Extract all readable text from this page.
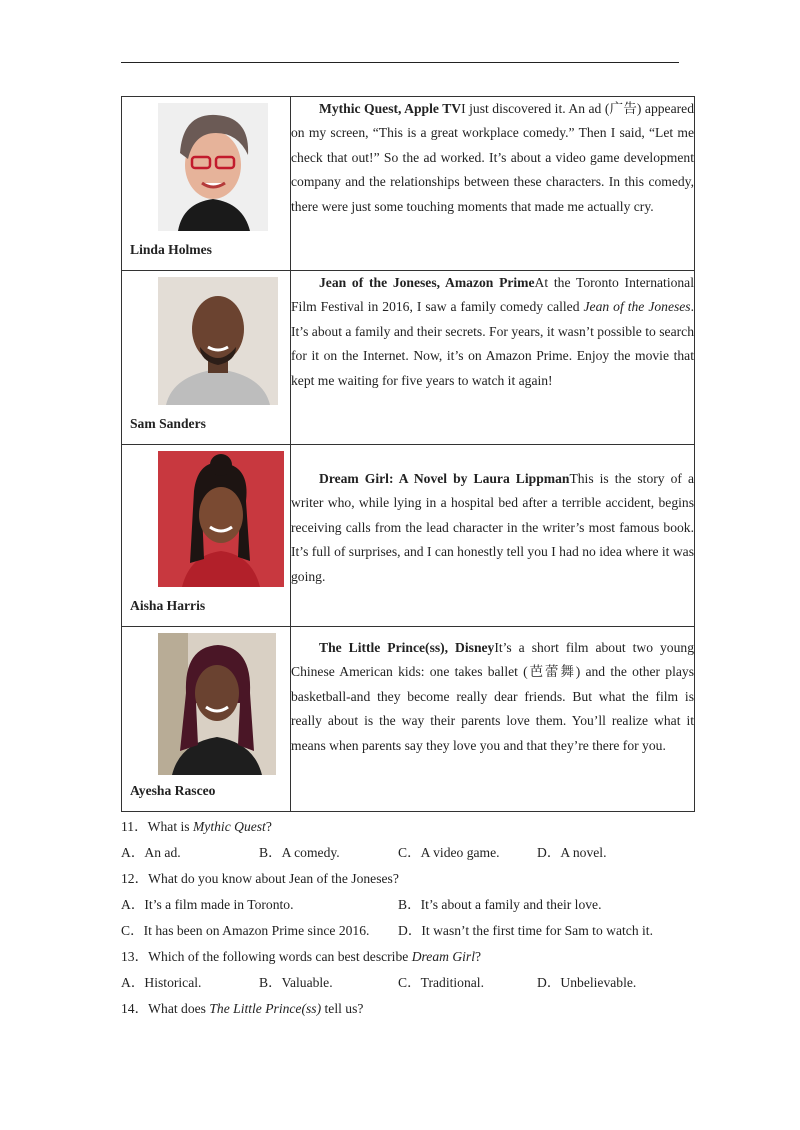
Linda Holmes	Mythic Quest, Apple TVI just discovered it. An ad (广告) appeared on my screen, “This is a great workplace comedy.” Then I said, “Let me check that out!” So the ad worked. It’s about a video game development company and the relationships between these characters. In this comedy, there were just some touching moments that made me actually cry.

Sam Sanders	Jean of the Joneses, Amazon PrimeAt the Toronto International Film Festival in 2016, I saw a family comedy called Jean of the Joneses. It’s about a family and their secrets. For years, it wasn’t possible to search for it on the Internet. Now, it’s on Amazon Prime. Enjoy the movie that kept me waiting for five years to watch it again!

Aisha Harris	Dream Girl: A Novel by Laura LippmanThis is the story of a writer who, while lying in a hospital bed after a terrible accident, begins receiving calls from the lead character in the writer’s most famous book. It’s full of surprises, and I can honestly tell you I had no idea where it was going.

Ayesha Rasceo	The Little Prince(ss), DisneyIt’s a short film about two young Chinese American kids: one takes ballet (芭蕾舞) and the other plays basketball-and they become really dear friends. But what the film is really about is the way their parents love them. You’ll realize what it means when parents say they love you and that they’re there for you.

11．What is Mythic Quest?
A．An ad.	B．A comedy.	C．A video game.	D．A novel.
12．What do you know about Jean of the Joneses?
A．It’s a film made in Toronto.	B．It’s about a family and their love.
C．It has been on Amazon Prime since 2016. D．It wasn’t the first time for Sam to watch it.
13．Which of the following words can best describe Dream Girl?
A．Historical.	B．Valuable.	C．Traditional.	D．Unbelievable.
14．What does The Little Prince(ss) tell us?
